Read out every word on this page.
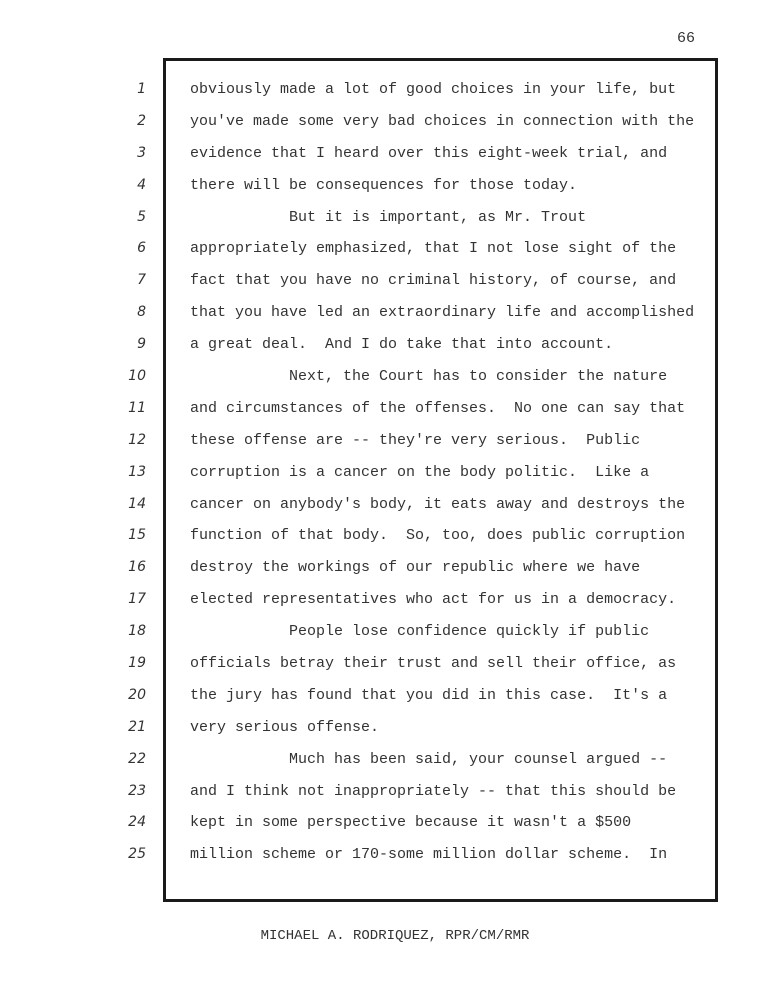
66
1
2
3
4
5
6
7
8
9
10
11
12
13
14
15
16
17
18
19
20
21
22
23
24
25
obviously made a lot of good choices in your life, but
you've made some very bad choices in connection with the
evidence that I heard over this eight-week trial, and
there will be consequences for those today.
But it is important, as Mr. Trout
appropriately emphasized, that I not lose sight of the
fact that you have no criminal history, of course, and
that you have led an extraordinary life and accomplished
a great deal.  And I do take that into account.
Next, the Court has to consider the nature
and circumstances of the offenses.  No one can say that
these offense are -- they're very serious.  Public
corruption is a cancer on the body politic.  Like a
cancer on anybody's body, it eats away and destroys the
function of that body.  So, too, does public corruption
destroy the workings of our republic where we have
elected representatives who act for us in a democracy.
People lose confidence quickly if public
officials betray their trust and sell their office, as
the jury has found that you did in this case.  It's a
very serious offense.
Much has been said, your counsel argued --
and I think not inappropriately -- that this should be
kept in some perspective because it wasn't a $500
million scheme or 170-some million dollar scheme.  In
MICHAEL A. RODRIQUEZ, RPR/CM/RMR
